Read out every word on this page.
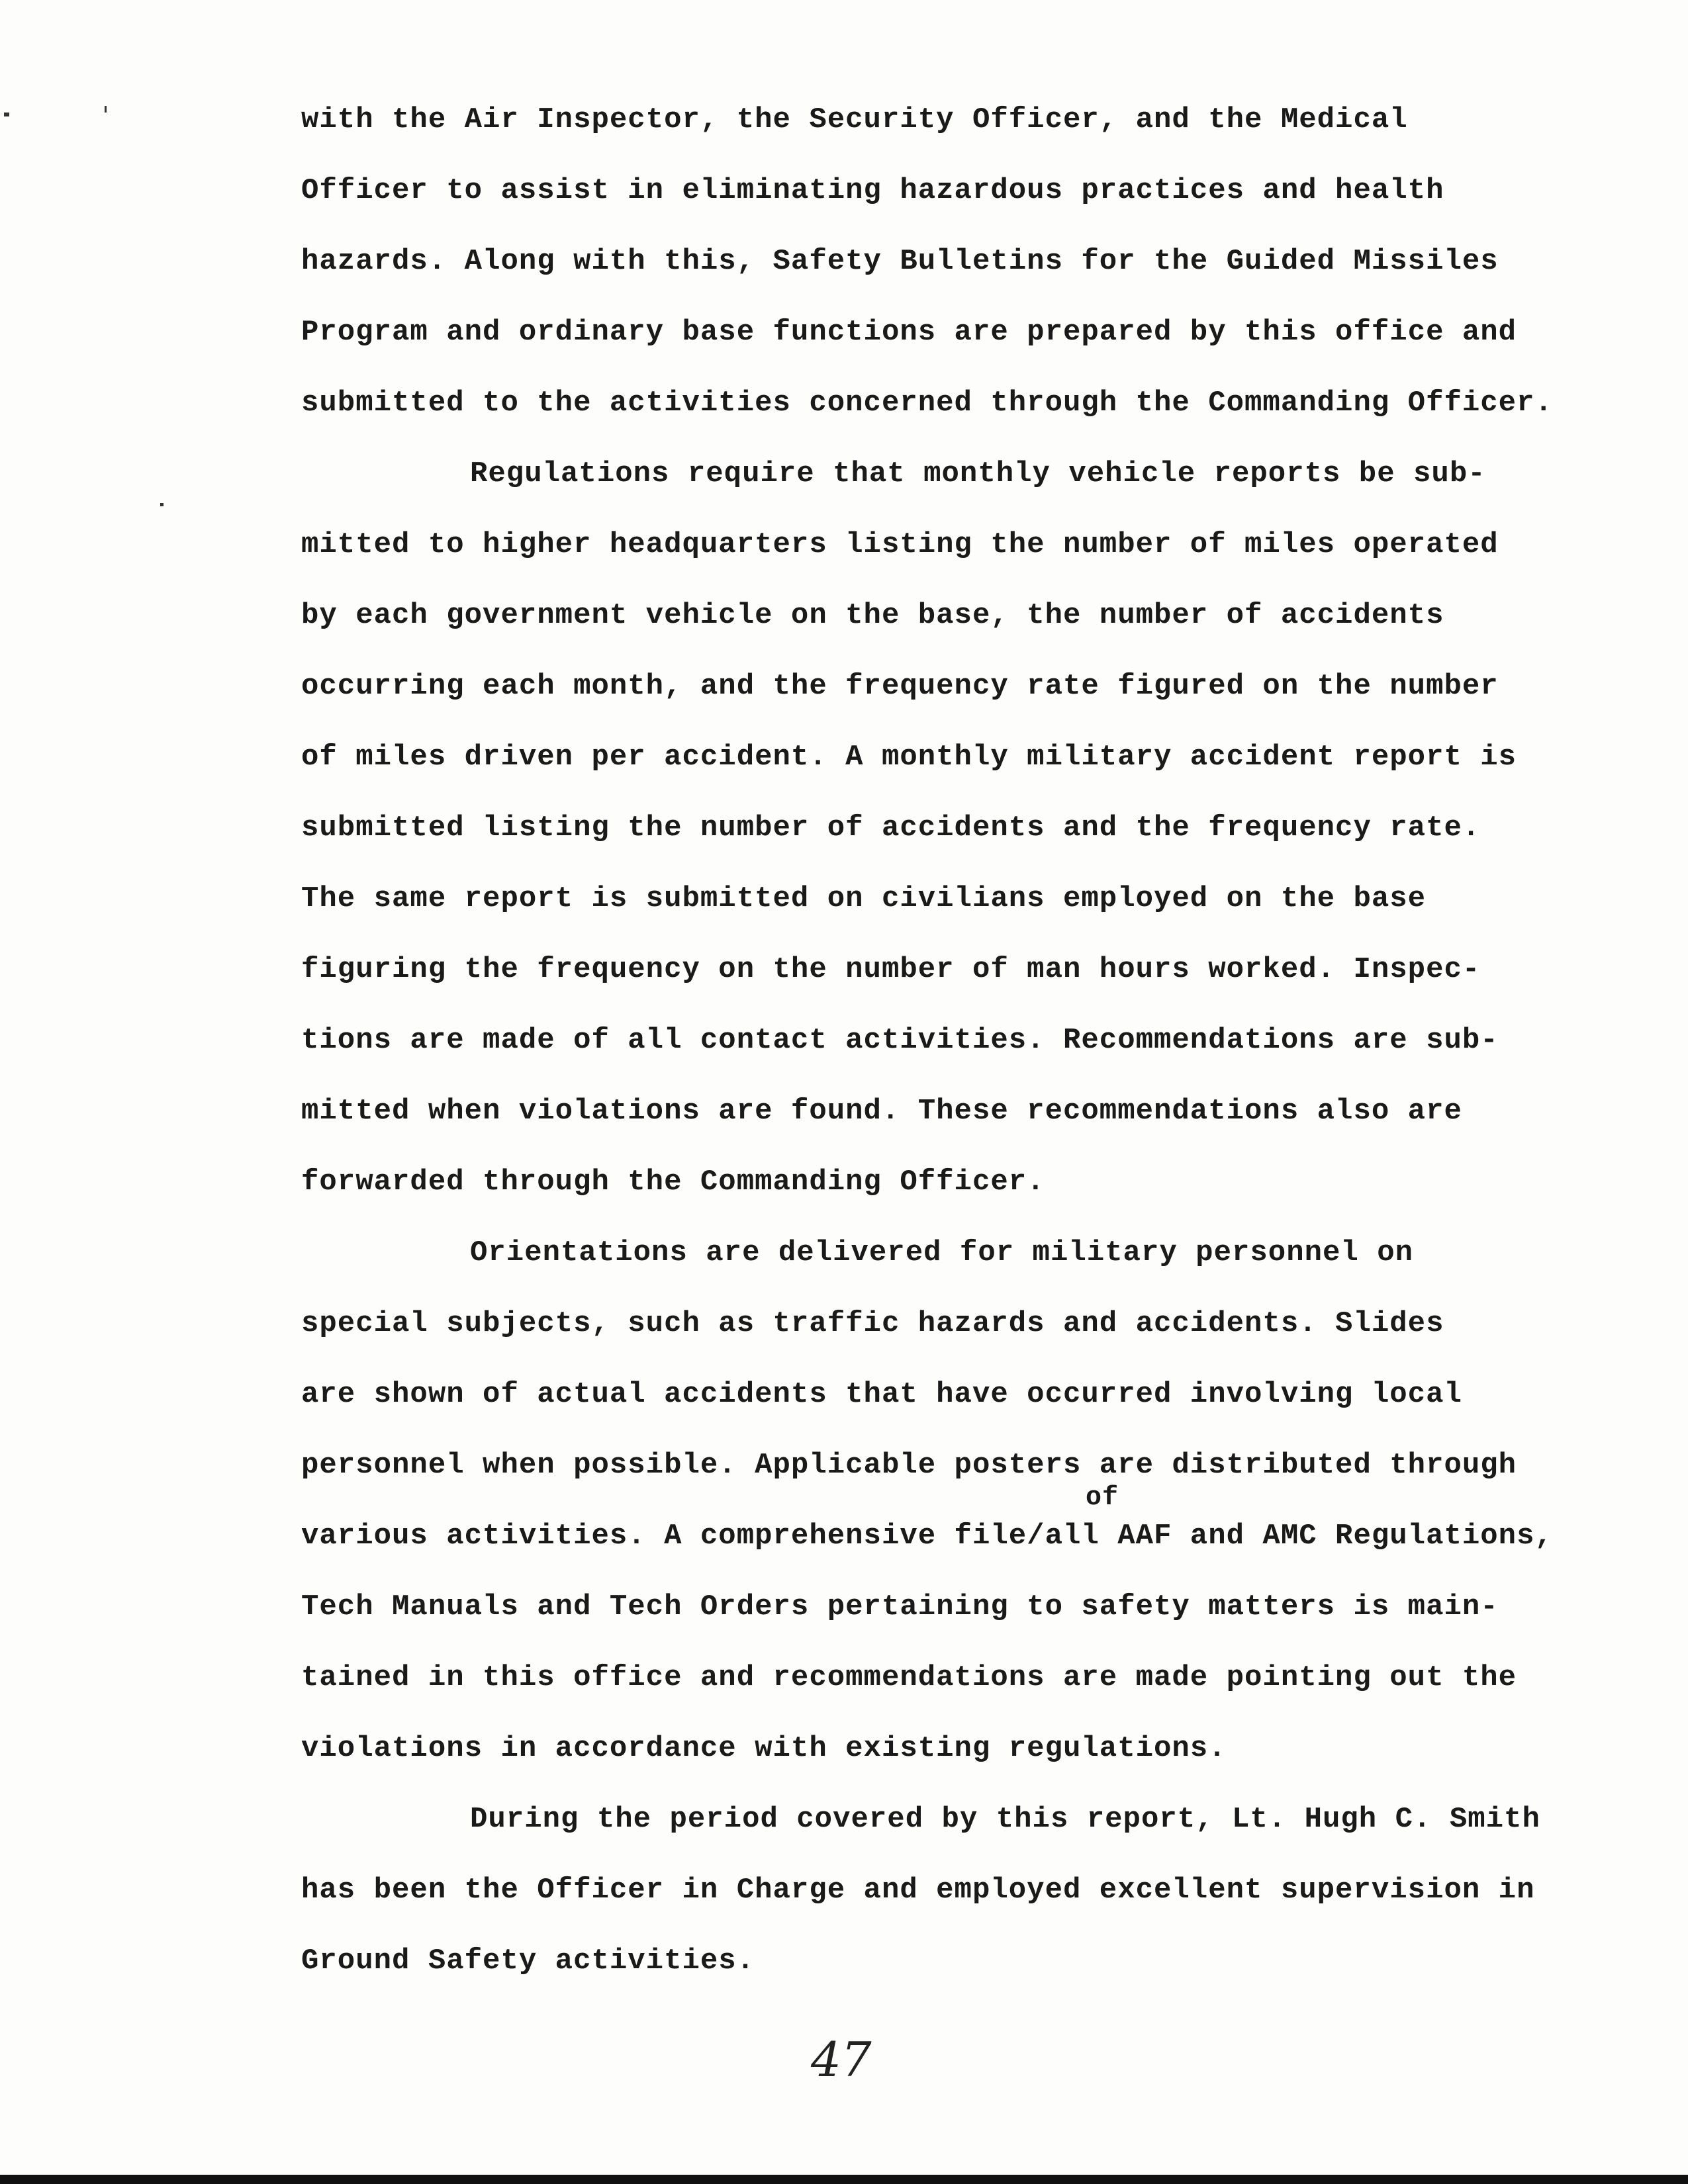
with the Air Inspector, the Security Officer, and the Medical
Officer to assist in eliminating hazardous practices and health
hazards. Along with this, Safety Bulletins for the Guided Missiles
Program and ordinary base functions are prepared by this office and
submitted to the activities concerned through the Commanding Officer.
Regulations require that monthly vehicle reports be sub-
mitted to higher headquarters listing the number of miles operated
by each government vehicle on the base, the number of accidents
occurring each month, and the frequency rate figured on the number
of miles driven per accident. A monthly military accident report is
submitted listing the number of accidents and the frequency rate.
The same report is submitted on civilians employed on the base
figuring the frequency on the number of man hours worked. Inspec-
tions are made of all contact activities. Recommendations are sub-
mitted when violations are found. These recommendations also are
forwarded through the Commanding Officer.
Orientations are delivered for military personnel on
special subjects, such as traffic hazards and accidents. Slides
are shown of actual accidents that have occurred involving local
personnel when possible. Applicable posters are distributed through
of
various activities. A comprehensive file/all AAF and AMC Regulations,
Tech Manuals and Tech Orders pertaining to safety matters is main-
tained in this office and recommendations are made pointing out the
violations in accordance with existing regulations.
During the period covered by this report, Lt. Hugh C. Smith
has been the Officer in Charge and employed excellent supervision in
Ground Safety activities.
47
